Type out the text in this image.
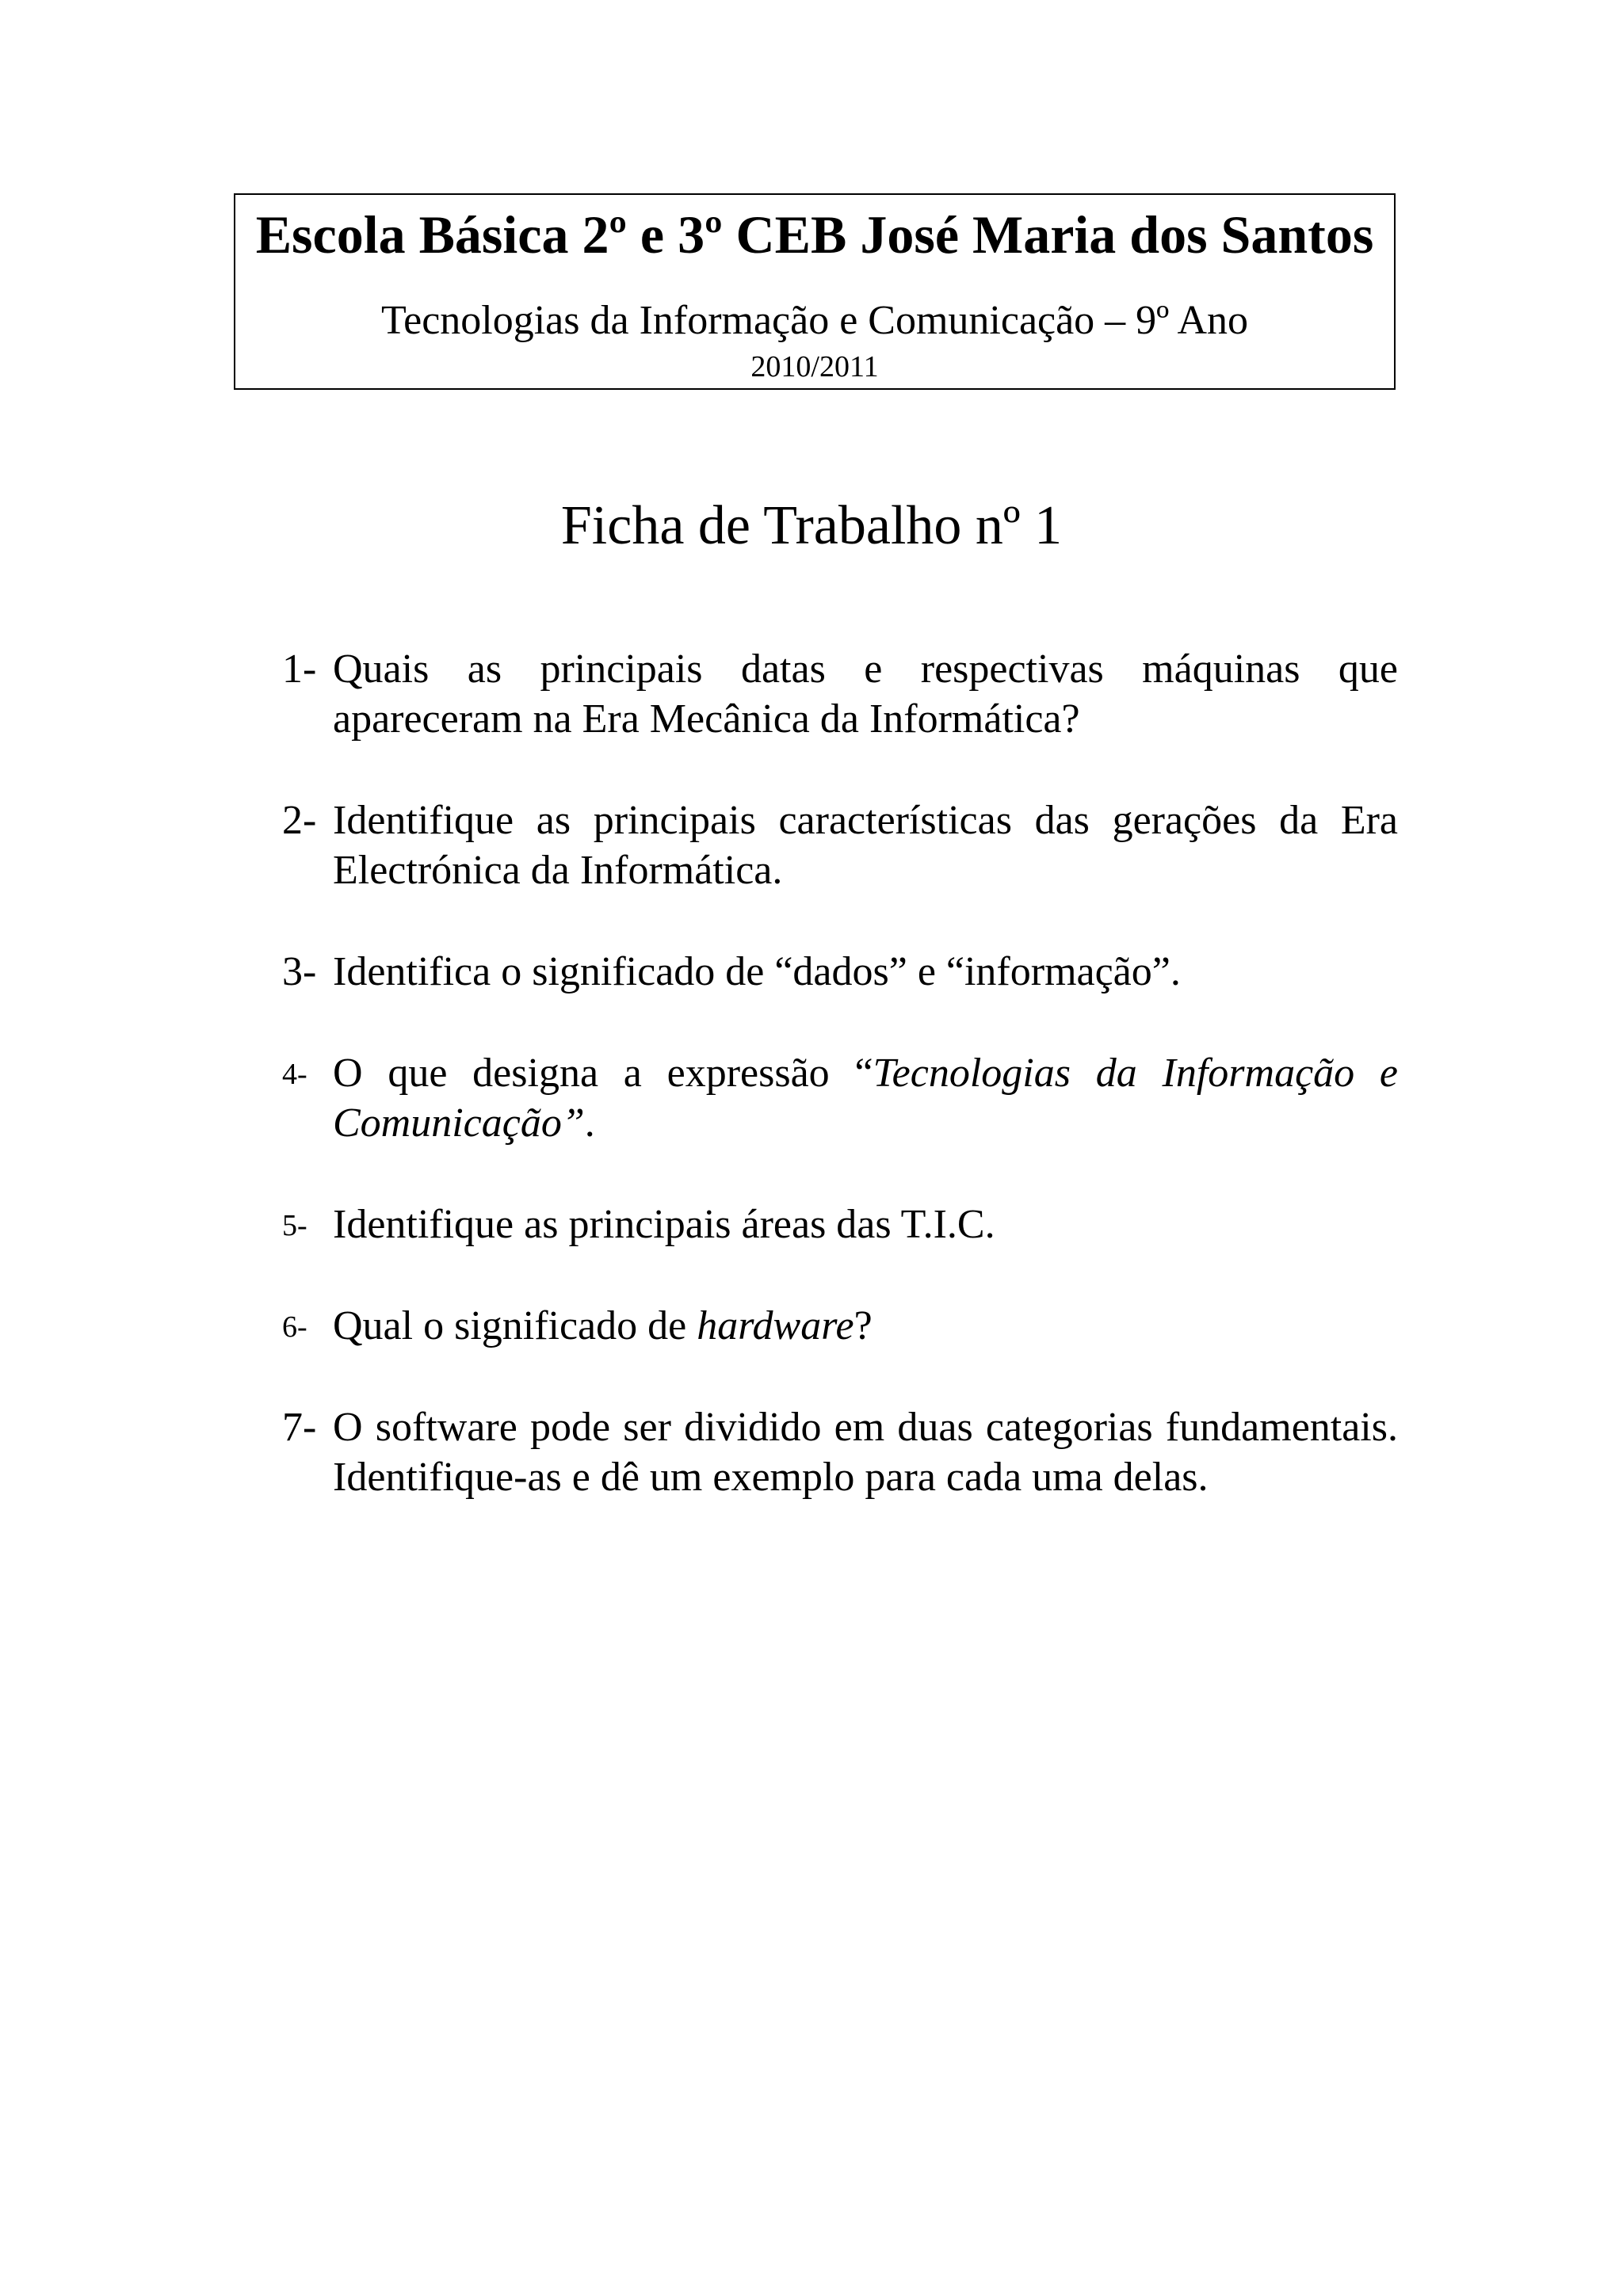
Escola Básica 2º e 3º CEB José Maria dos Santos
Tecnologias da Informação e Comunicação – 9º Ano
2010/2011
Ficha de Trabalho nº 1
1- Quais as principais datas e respectivas máquinas que apareceram na Era Mecânica da Informática?
2- Identifique as principais características das gerações da Era Electrónica da Informática.
3- Identifica o significado de “dados” e “informação”.
4- O que designa a expressão “Tecnologias da Informação e Comunicação”.
5- Identifique as principais áreas das T.I.C.
6- Qual o significado de hardware?
7- O software pode ser dividido em duas categorias fundamentais. Identifique-as e dê um exemplo para cada uma delas.
